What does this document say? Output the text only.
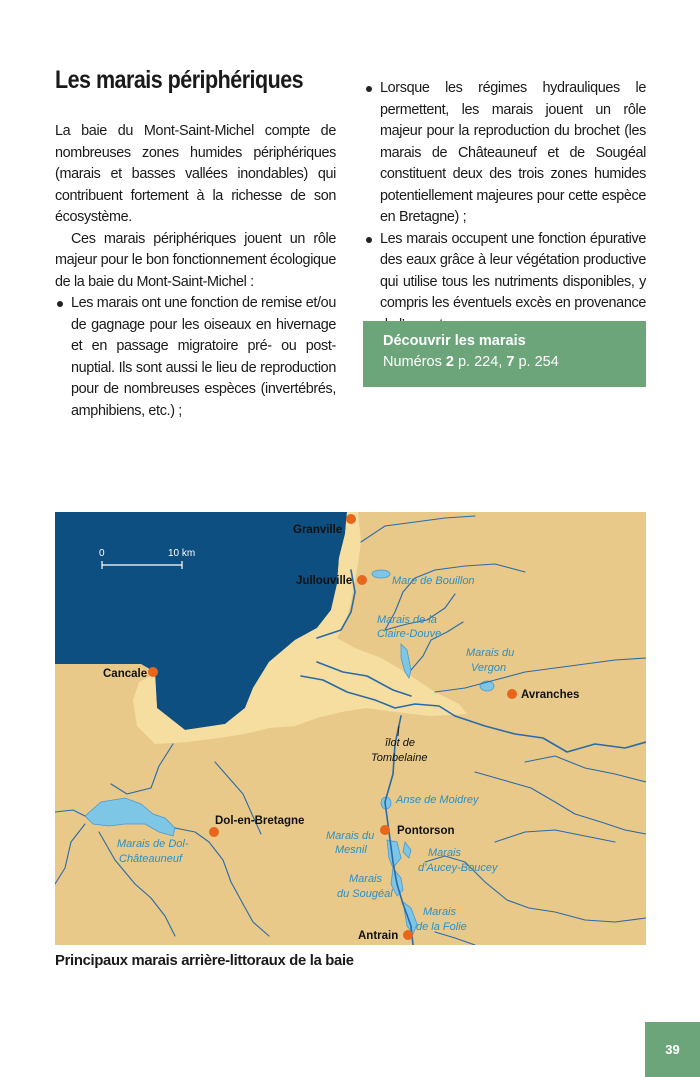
Les marais périphériques

La baie du Mont-Saint-Michel compte de nombreuses zones humides périphériques (marais et basses vallées inondables) qui contribuent fortement à la richesse de son écosystème.

Ces marais périphériques jouent un rôle majeur pour le bon fonctionnement écologique de la baie du Mont-Saint-Michel :

Les marais ont une fonction de remise et/ou de gagnage pour les oiseaux en hivernage et en passage migratoire pré- ou post-nuptial. Ils sont aussi le lieu de reproduction pour de nombreuses espèces (invertébrés, amphibiens, etc.) ;
Lorsque les régimes hydrauliques le permettent, les marais jouent un rôle majeur pour la reproduction du brochet (les marais de Châteauneuf et de Sougéal constituent deux des trois zones humides potentiellement majeures pour cette espèce en Bretagne) ;
Les marais occupent une fonction épurative des eaux grâce à leur végétation productive qui utilise tous les nutriments disponibles, y compris les éventuels excès en provenance
Découvrir les marais
Numéros 2 p. 224, 7 p. 254
0	10 km
Granville
Jullouville
Cancale
Avranches
Dol-en-Bretagne
Pontorson
Antrain
Mare de Bouillon
Marais de la
Claire-Douve
Marais du
Vergon
îlot de
Tombelaine
Anse de Moidrey
Marais du
Mesnil	Marais
d’Aucey-Boucey
Marais
du Sougéal
Marais
de la Folie
Marais de Dol-
Châteauneuf
Principaux marais arrière-littoraux de la baie
39
